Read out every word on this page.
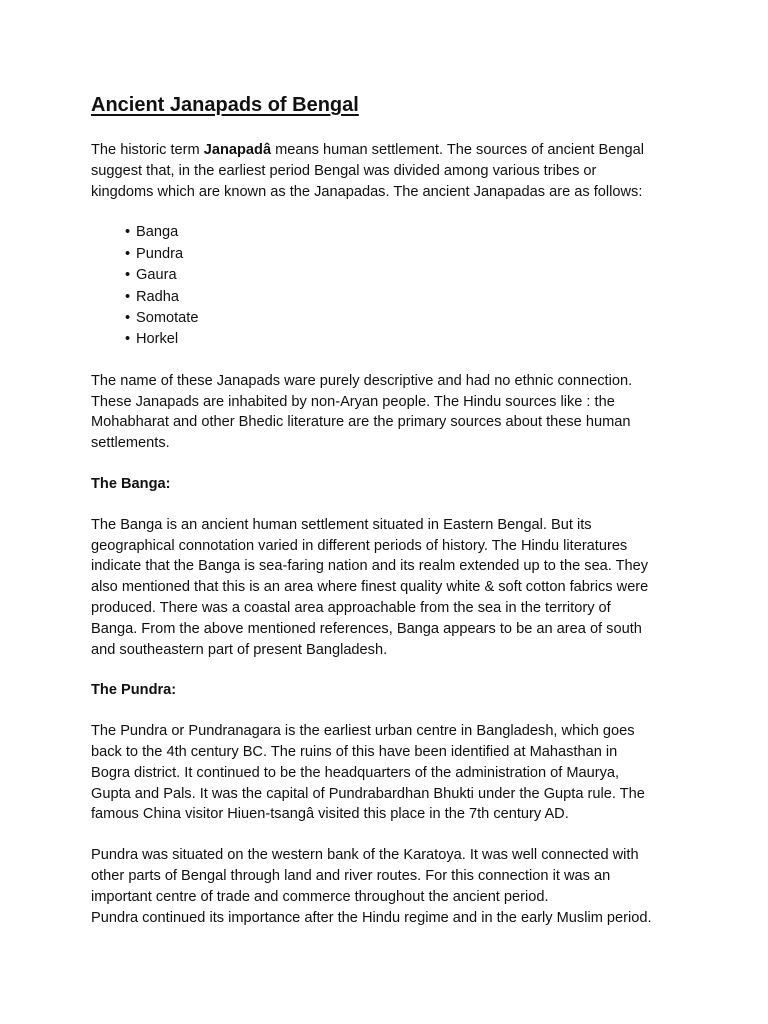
Ancient Janapads of Bengal

The historic term Janapadâ means human settlement. The sources of ancient Bengal
suggest that, in the earliest period Bengal was divided among various tribes or
kingdoms which are known as the Janapadas. The ancient Janapadas are as follows:

• Banga
• Pundra
• Gaura
• Radha
• Somotate
• Horkel

The name of these Janapads ware purely descriptive and had no ethnic connection.
These Janapads are inhabited by non-Aryan people. The Hindu sources like : the
Mohabharat and other Bhedic literature are the primary sources about these human
settlements.

The Banga:

The Banga is an ancient human settlement situated in Eastern Bengal. But its
geographical connotation varied in different periods of history. The Hindu literatures
indicate that the Banga is sea-faring nation and its realm extended up to the sea. They
also mentioned that this is an area where finest quality white & soft cotton fabrics were
produced. There was a coastal area approachable from the sea in the territory of
Banga. From the above mentioned references, Banga appears to be an area of south
and southeastern part of present Bangladesh.

The Pundra:

The Pundra or Pundranagara is the earliest urban centre in Bangladesh, which goes
back to the 4th century BC. The ruins of this have been identified at Mahasthan in
Bogra district. It continued to be the headquarters of the administration of Maurya,
Gupta and Pals. It was the capital of Pundrabardhan Bhukti under the Gupta rule. The
famous China visitor Hiuen-tsangâ visited this place in the 7th century AD.

Pundra was situated on the western bank of the Karatoya. It was well connected with
other parts of Bengal through land and river routes. For this connection it was an
important centre of trade and commerce throughout the ancient period.
Pundra continued its importance after the Hindu regime and in the early Muslim period.
